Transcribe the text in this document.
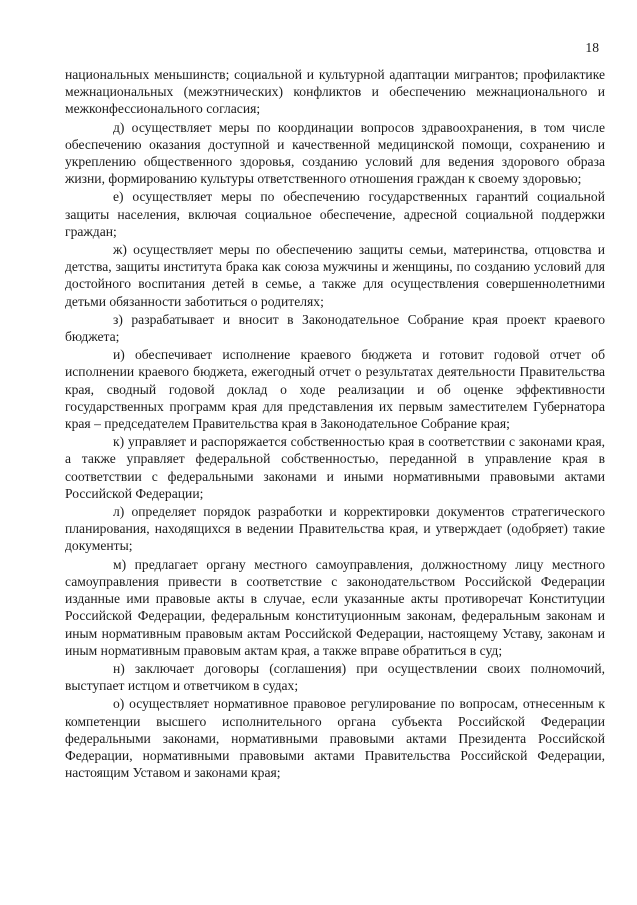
18

национальных меньшинств; социальной и культурной адаптации мигрантов; профилактике межнациональных (межэтнических) конфликтов и обеспечению межнационального и межконфессионального согласия;

д) осуществляет меры по координации вопросов здравоохранения, в том числе обеспечению оказания доступной и качественной медицинской помощи, сохранению и укреплению общественного здоровья, созданию условий для ведения здорового образа жизни, формированию культуры ответственного отношения граждан к своему здоровью;

е) осуществляет меры по обеспечению государственных гарантий социальной защиты населения, включая социальное обеспечение, адресной социальной поддержки граждан;

ж) осуществляет меры по обеспечению защиты семьи, материнства, отцовства и детства, защиты института брака как союза мужчины и женщины, по созданию условий для достойного воспитания детей в семье, а также для осуществления совершеннолетними детьми обязанности заботиться о родителях;

з) разрабатывает и вносит в Законодательное Собрание края проект краевого бюджета;

и) обеспечивает исполнение краевого бюджета и готовит годовой отчет об исполнении краевого бюджета, ежегодный отчет о результатах деятельности Правительства края, сводный годовой доклад о ходе реализации и об оценке эффективности государственных программ края для представления их первым заместителем Губернатора края – председателем Правительства края в Законодательное Собрание края;

к) управляет и распоряжается собственностью края в соответствии с законами края, а также управляет федеральной собственностью, переданной в управление края в соответствии с федеральными законами и иными нормативными правовыми актами Российской Федерации;

л) определяет порядок разработки и корректировки документов стратегического планирования, находящихся в ведении Правительства края, и утверждает (одобряет) такие документы;

м) предлагает органу местного самоуправления, должностному лицу местного самоуправления привести в соответствие с законодательством Российской Федерации изданные ими правовые акты в случае, если указанные акты противоречат Конституции Российской Федерации, федеральным конституционным законам, федеральным законам и иным нормативным правовым актам Российской Федерации, настоящему Уставу, законам и иным нормативным правовым актам края, а также вправе обратиться в суд;

н) заключает договоры (соглашения) при осуществлении своих полномочий, выступает истцом и ответчиком в судах;

о) осуществляет нормативное правовое регулирование по вопросам, отнесенным к компетенции высшего исполнительного органа субъекта Российской Федерации федеральными законами, нормативными правовыми актами Президента Российской Федерации, нормативными правовыми актами Правительства Российской Федерации, настоящим Уставом и законами края;
